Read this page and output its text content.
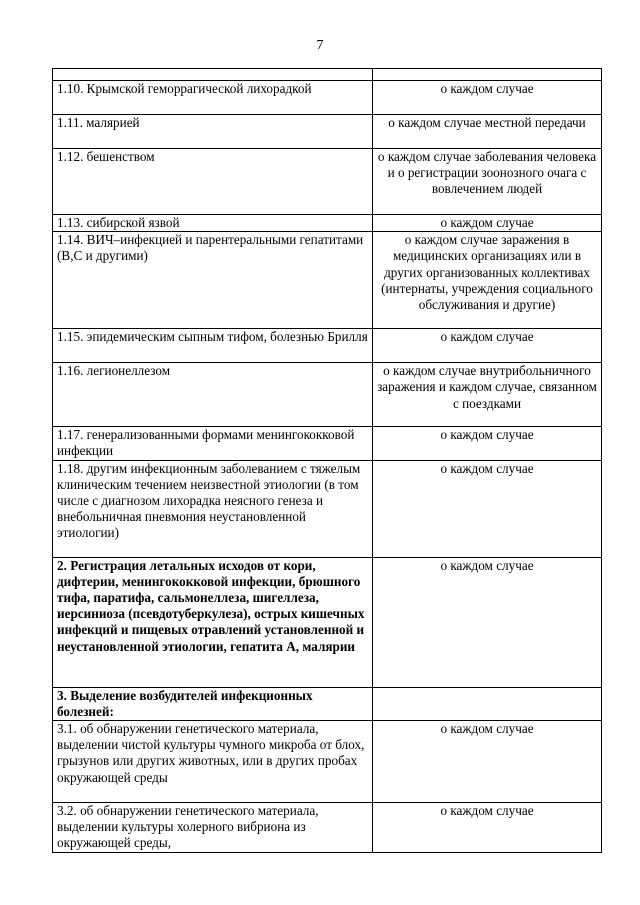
7

1.10. Крымской геморрагической лихорадкой	о каждом случае
1.11. малярией	о каждом случае местной передачи
1.12. бешенством	о каждом случае заболевания человека и о регистрации зоонозного очага с вовлечением людей
1.13. сибирской язвой	о каждом случае
1.14. ВИЧ–инфекцией и парентеральными гепатитами (В,С и другими)	о каждом случае заражения в медицинских организациях или в других организованных коллективах (интернаты, учреждения социального обслуживания и другие)
1.15. эпидемическим сыпным тифом, болезнью Брилля	о каждом случае
1.16. легионеллезом	о каждом случае внутрибольничного заражения и каждом случае, связанном с поездками
1.17. генерализованными формами менингококковой инфекции	о каждом случае
1.18. другим инфекционным заболеванием с тяжелым клиническим течением неизвестной этиологии (в том числе с диагнозом лихорадка неясного генеза и внебольничная пневмония неустановленной этиологии)	о каждом случае
2. Регистрация летальных исходов от кори, дифтерии, менингококковой инфекции, брюшного тифа, паратифа, сальмонеллеза, шигеллеза, иерсиниоза (псевдотуберкулеза), острых кишечных инфекций и пищевых отравлений установленной и неустановленной этиологии, гепатита А, малярии	о каждом случае
3. Выделение возбудителей инфекционных болезней:	
3.1. об обнаружении генетического материала, выделении чистой культуры чумного микроба от блох, грызунов или других животных, или в других пробах окружающей среды	о каждом случае
3.2. об обнаружении генетического материала, выделении культуры холерного вибриона из окружающей среды,	о каждом случае
